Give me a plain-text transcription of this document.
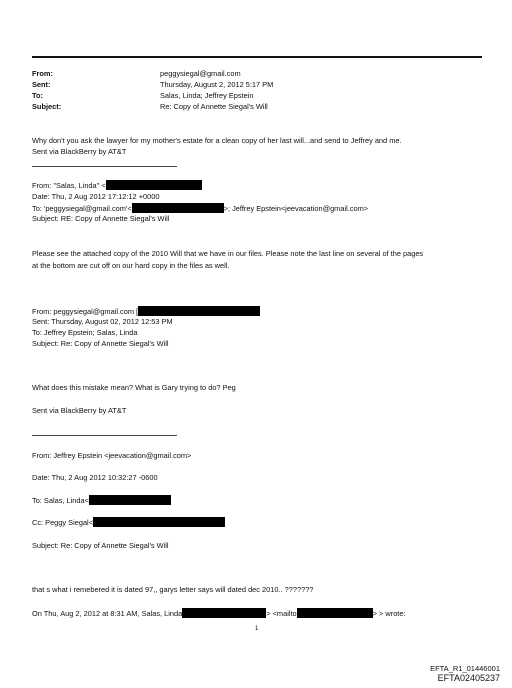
From:	peggysiegal@gmail.com
Sent:	Thursday, August 2, 2012 5:17 PM
To:	Salas, Linda; Jeffrey Epstein
Subject:	Re: Copy of Annette Siegal's Will
Why don't you ask the lawyer for my mother's estate for a clean copy of her last will...and send to Jeffrey and me.
Sent via BlackBerry by AT&T
From: "Salas, Linda" <
Date: Thu, 2 Aug 2012 17:12:12 +0000
To: 'peggysiegal@gmail.com'<	>; Jeffrey Epstein<jeevacation@gmail.com>
Subject: RE: Copy of Annette Siegal's Will
Please see the attached copy of the 2010 Will that we have in our files. Please note the last line on several of the pages
at the bottom are cut off on our hard copy in the files as well.
From: peggysiegal@gmail.com [
Sent: Thursday, August 02, 2012 12:53 PM
To: Jeffrey Epstein; Salas, Linda
Subject: Re: Copy of Annette Siegal's Will
What does this mistake mean? What is Gary trying to do? Peg
Sent via BlackBerry by AT&T
From: Jeffrey Epstein <jeevacation@gmail.com>
Date: Thu, 2 Aug 2012 10:32:27 -0600
To: Salas, Linda<
Cc: Peggy Siegal<
Subject: Re: Copy of Annette Siegal's Will
that s what i remebered it is dated 97,, garys letter says will dated dec 2010.. ???????
On Thu, Aug 2, 2012 at 8:31 AM, Salas, Linda	> <mailto	> > wrote:
1
EFTA_R1_01446001
EFTA02405237
